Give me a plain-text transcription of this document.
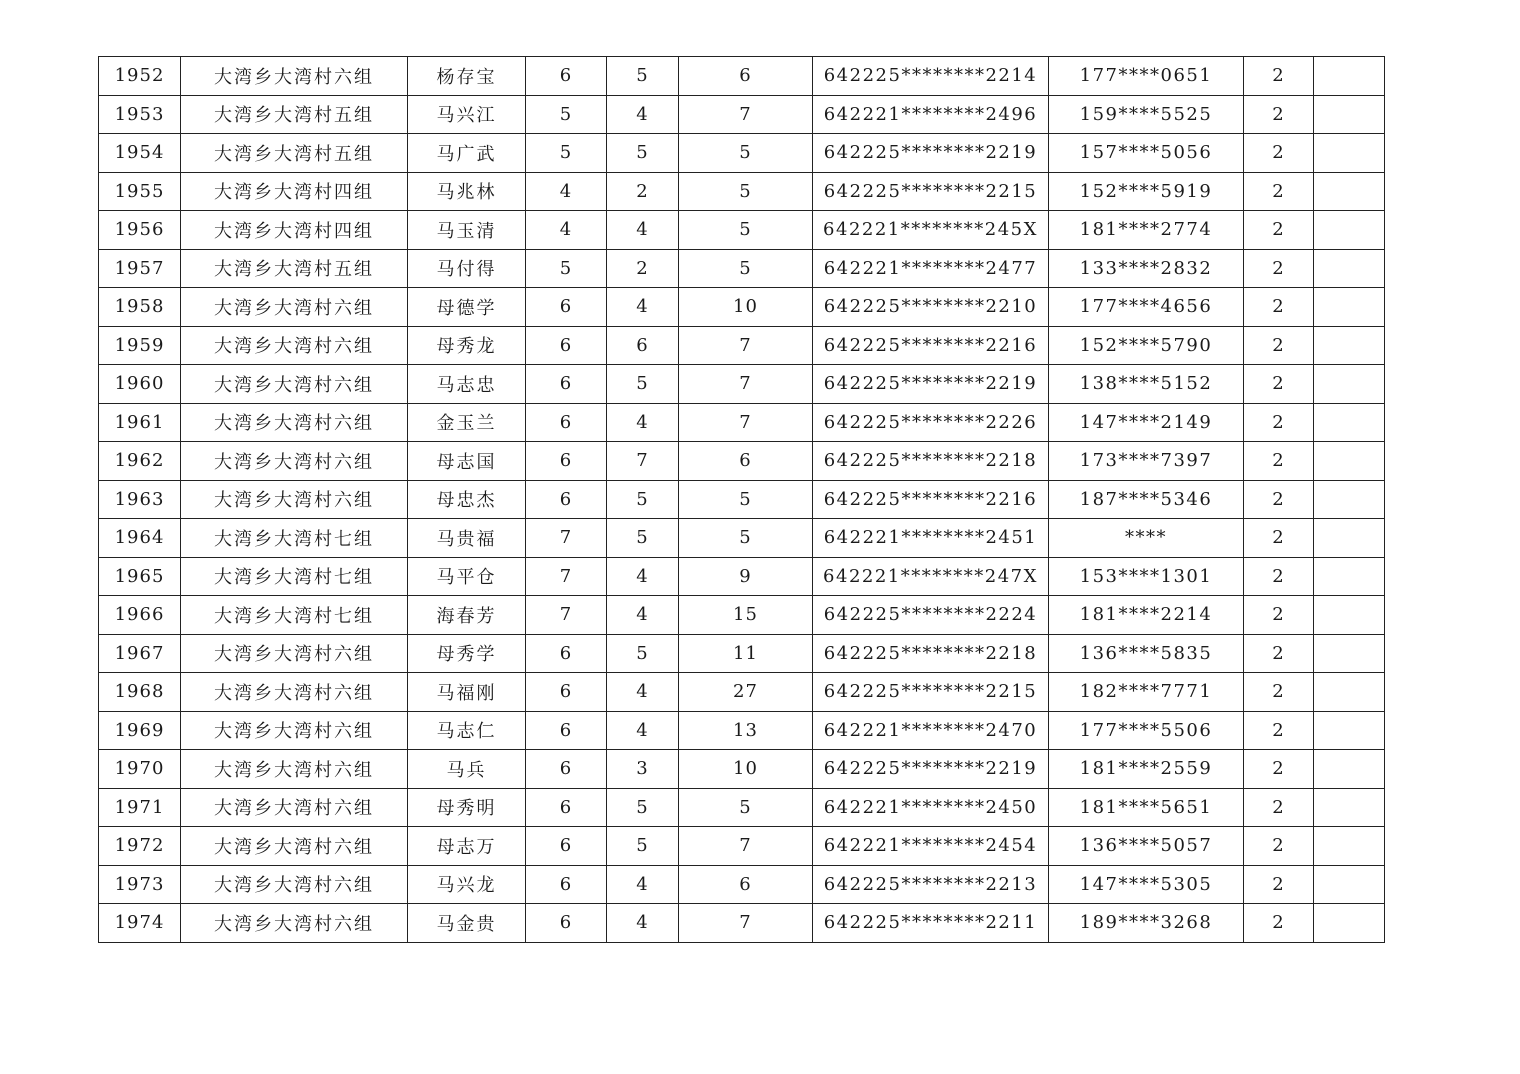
1952	大湾乡大湾村六组	杨存宝	6	5	6	642225********2214	177****0651	2	
1953	大湾乡大湾村五组	马兴江	5	4	7	642221********2496	159****5525	2	
1954	大湾乡大湾村五组	马广武	5	5	5	642225********2219	157****5056	2	
1955	大湾乡大湾村四组	马兆林	4	2	5	642225********2215	152****5919	2	
1956	大湾乡大湾村四组	马玉清	4	4	5	642221********245X	181****2774	2	
1957	大湾乡大湾村五组	马付得	5	2	5	642221********2477	133****2832	2	
1958	大湾乡大湾村六组	母德学	6	4	10	642225********2210	177****4656	2	
1959	大湾乡大湾村六组	母秀龙	6	6	7	642225********2216	152****5790	2	
1960	大湾乡大湾村六组	马志忠	6	5	7	642225********2219	138****5152	2	
1961	大湾乡大湾村六组	金玉兰	6	4	7	642225********2226	147****2149	2	
1962	大湾乡大湾村六组	母志国	6	7	6	642225********2218	173****7397	2	
1963	大湾乡大湾村六组	母忠杰	6	5	5	642225********2216	187****5346	2	
1964	大湾乡大湾村七组	马贵福	7	5	5	642221********2451	****	2	
1965	大湾乡大湾村七组	马平仓	7	4	9	642221********247X	153****1301	2	
1966	大湾乡大湾村七组	海春芳	7	4	15	642225********2224	181****2214	2	
1967	大湾乡大湾村六组	母秀学	6	5	11	642225********2218	136****5835	2	
1968	大湾乡大湾村六组	马福刚	6	4	27	642225********2215	182****7771	2	
1969	大湾乡大湾村六组	马志仁	6	4	13	642221********2470	177****5506	2	
1970	大湾乡大湾村六组	马兵	6	3	10	642225********2219	181****2559	2	
1971	大湾乡大湾村六组	母秀明	6	5	5	642221********2450	181****5651	2	
1972	大湾乡大湾村六组	母志万	6	5	7	642221********2454	136****5057	2	
1973	大湾乡大湾村六组	马兴龙	6	4	6	642225********2213	147****5305	2	
1974	大湾乡大湾村六组	马金贵	6	4	7	642225********2211	189****3268	2	
